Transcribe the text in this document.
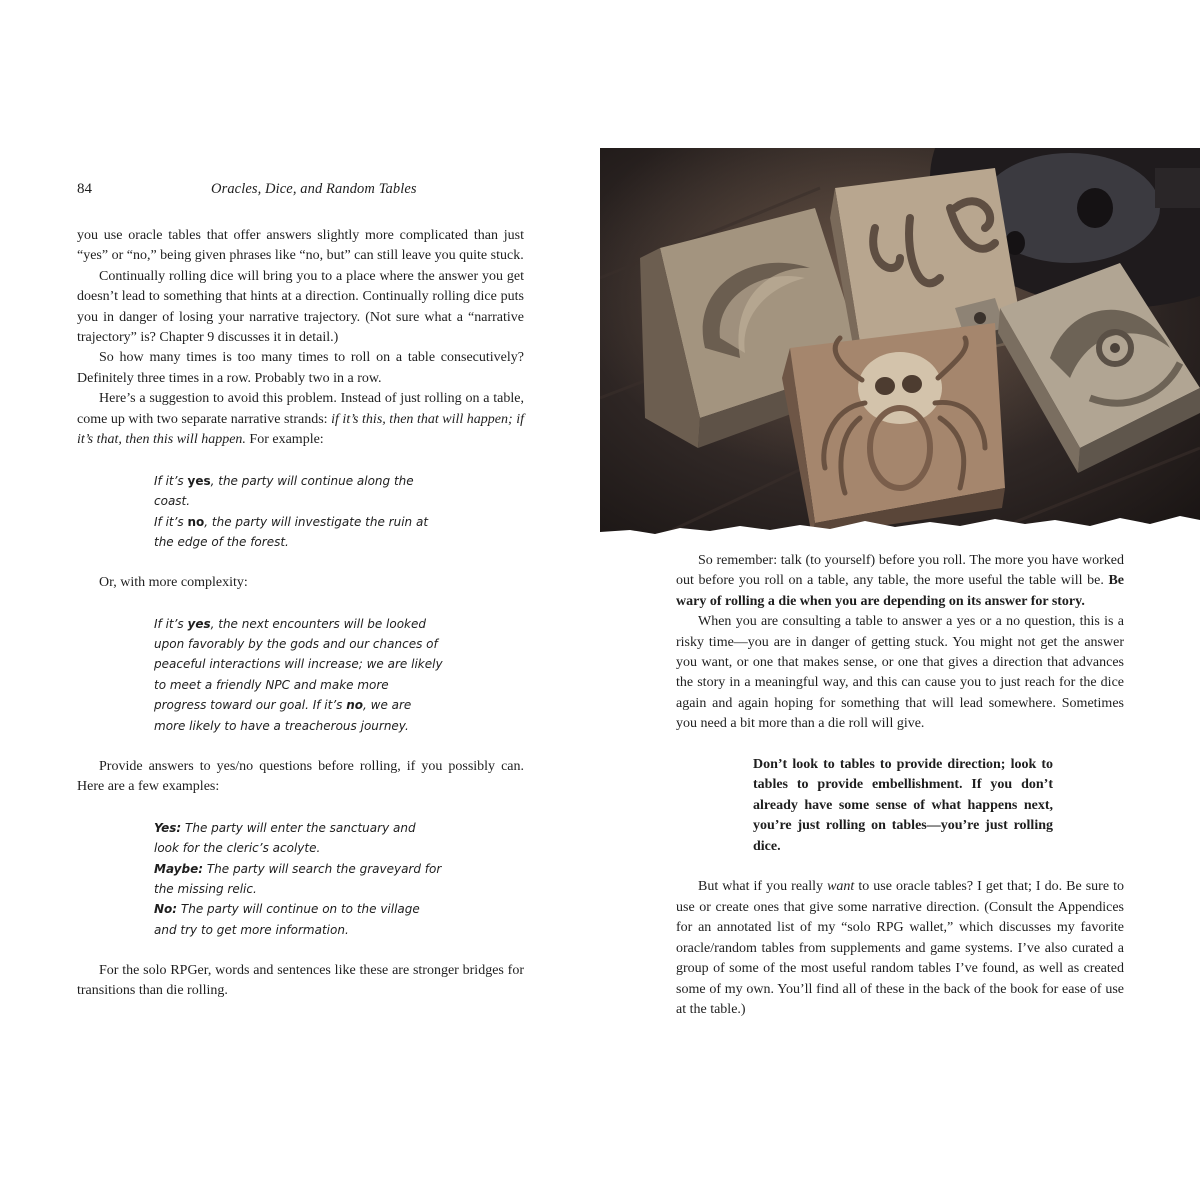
84	Oracles, Dice, and Random Tables

you use oracle tables that offer answers slightly more complicated than just “yes” or “no,” being given phrases like “no, but” can still leave you quite stuck.

Continually rolling dice will bring you to a place where the answer you get doesn’t lead to something that hints at a direction. Continually rolling dice puts you in danger of losing your narrative trajectory. (Not sure what a “narrative trajectory” is? Chapter 9 discusses it in detail.)

So how many times is too many times to roll on a table consecutively? Definitely three times in a row. Probably two in a row.

Here’s a suggestion to avoid this problem. Instead of just rolling on a table, come up with two separate narrative strands: if it’s this, then that will happen; if it’s that, then this will happen. For example:

If it’s yes, the party will continue along the coast.
If it’s no, the party will investigate the ruin at the edge of the forest.

Or, with more complexity:

If it’s yes, the next encounters will be looked upon favorably by the gods and our chances of peaceful interactions will increase; we are likely to meet a friendly NPC and make more progress toward our goal. If it’s no, we are more likely to have a treacherous journey.

Provide answers to yes/no questions before rolling, if you possibly can. Here are a few examples:

Yes: The party will enter the sanctuary and look for the cleric’s acolyte.
Maybe: The party will search the graveyard for the missing relic.
No: The party will continue on to the village and try to get more information.

For the solo RPGer, words and sentences like these are stronger bridges for transitions than die rolling.

So remember: talk (to yourself) before you roll. The more you have worked out before you roll on a table, any table, the more useful the table will be. Be wary of rolling a die when you are depending on its answer for story.

When you are consulting a table to answer a yes or a no question, this is a risky time—you are in danger of getting stuck. You might not get the answer you want, or one that makes sense, or one that gives a direction that advances the story in a meaningful way, and this can cause you to just reach for the dice again and again hoping for something that will lead somewhere. Sometimes you need a bit more than a die roll will give.

Don’t look to tables to provide direction; look to tables to provide embellishment. If you don’t already have some sense of what happens next, you’re just rolling on tables—you’re just rolling dice.

But what if you really want to use oracle tables? I get that; I do. Be sure to use or create ones that give some narrative direction. (Consult the Appendices for an annotated list of my “solo RPG wallet,” which discusses my favorite oracle/random tables from supplements and game systems. I’ve also curated a group of some of the most useful random tables I’ve found, as well as created some of my own. You’ll find all of these in the back of the book for ease of use at the table.)
